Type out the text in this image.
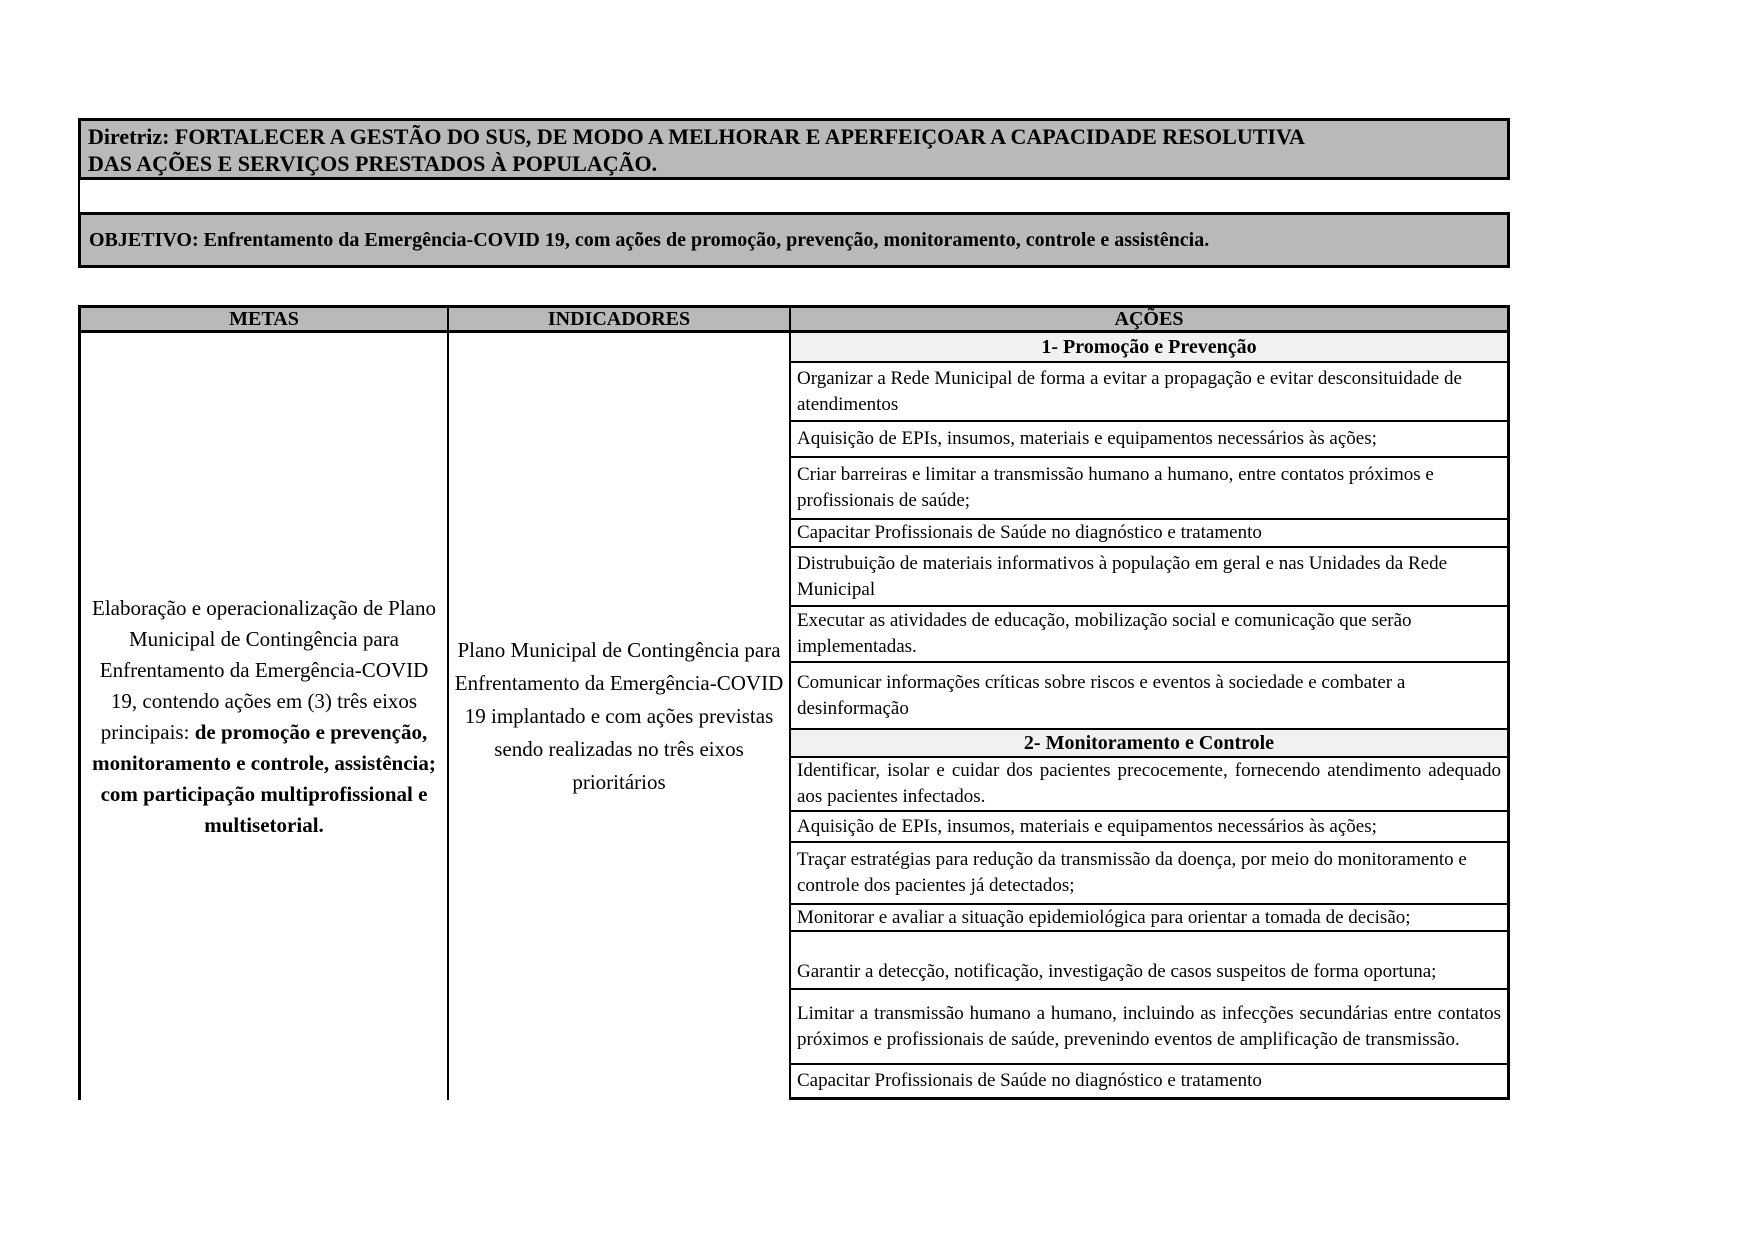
Diretriz: FORTALECER A GESTÃO DO SUS, DE MODO A MELHORAR E APERFEIÇOAR A CAPACIDADE RESOLUTIVA
DAS AÇÕES E SERVIÇOS PRESTADOS À POPULAÇÃO.
OBJETIVO: Enfrentamento da Emergência-COVID 19, com ações de promoção, prevenção, monitoramento, controle e assistência.
METAS
Elaboração e operacionalização de Plano Municipal de Contingência para Enfrentamento da Emergência-COVID 19, contendo ações em (3) três eixos principais: de promoção e prevenção, monitoramento e controle, assistência; com participação multiprofissional e multisetorial.
INDICADORES
Plano Municipal de Contingência para Enfrentamento da Emergência-COVID 19 implantado e com ações previstas sendo realizadas no três eixos prioritários
AÇÕES
1- Promoção e Prevenção
Organizar a Rede Municipal de forma a evitar a propagação e evitar desconsituidade de atendimentos
Aquisição de EPIs, insumos, materiais e equipamentos necessários às ações;
Criar barreiras e limitar a transmissão humano a humano, entre contatos próximos e profissionais de saúde;
Capacitar Profissionais de Saúde no diagnóstico e tratamento
Distrubuição de materiais informativos à população em geral e nas Unidades da Rede Municipal
Executar as atividades de educação, mobilização social e comunicação que serão implementadas.
Comunicar informações críticas sobre riscos e eventos à sociedade e combater a desinformação
2- Monitoramento e Controle
Identificar, isolar e cuidar dos pacientes precocemente, fornecendo atendimento adequado aos pacientes infectados.
Aquisição de EPIs, insumos, materiais e equipamentos necessários às ações;
Traçar estratégias para redução da transmissão da doença, por meio do monitoramento e controle dos pacientes já detectados;
Monitorar e avaliar a situação epidemiológica para orientar a tomada de decisão;
Garantir a detecção, notificação, investigação de casos suspeitos de forma oportuna;
Limitar a transmissão humano a humano, incluindo as infecções secundárias entre contatos próximos e profissionais de saúde, prevenindo eventos de amplificação de transmissão.
Capacitar Profissionais de Saúde no diagnóstico e tratamento
